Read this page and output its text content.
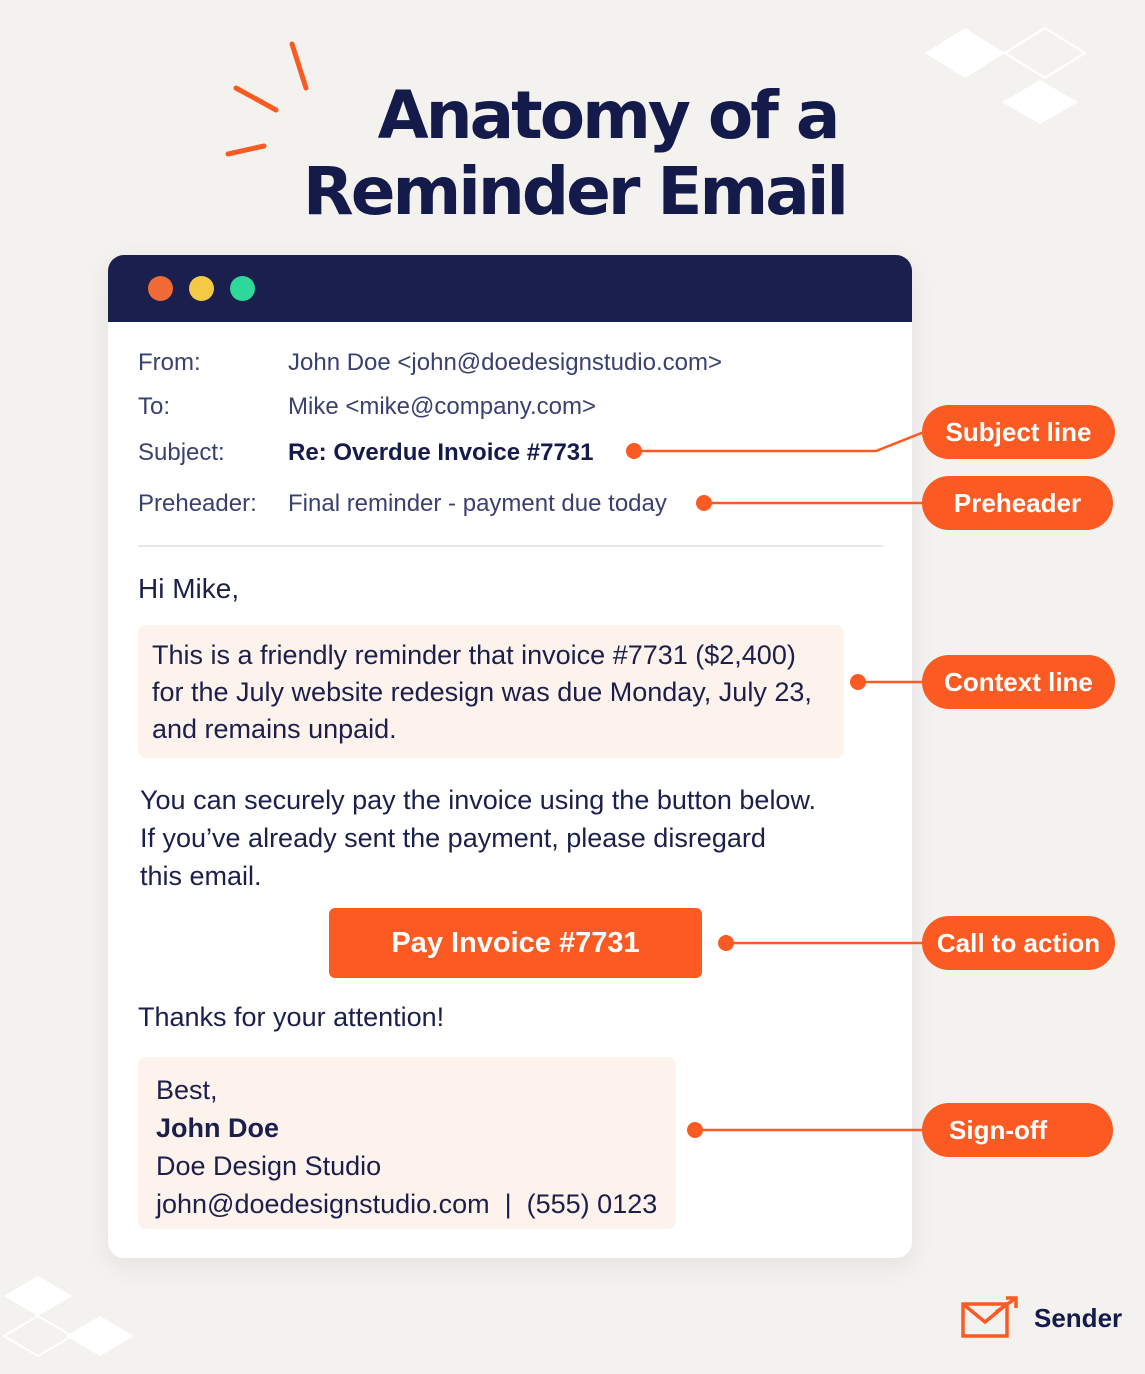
Anatomy of a
Reminder Email
From:	John Doe <john@doedesignstudio.com>
To:	Mike <mike@company.com>
Subject:	Re: Overdue Invoice #7731
Preheader: Final reminder - payment due today
Hi Mike,
This is a friendly reminder that invoice #7731 ($2,400)
for the July website redesign was due Monday, July 23,
and remains unpaid.
You can securely pay the invoice using the button below.
If you’ve already sent the payment, please disregard
this email.
Pay Invoice #7731
Thanks for your attention!
Best,
John Doe
Doe Design Studio
john@doedesignstudio.com  |  (555) 0123
Subject line
Preheader
Context line
Call to action
Sign-off
Sender
